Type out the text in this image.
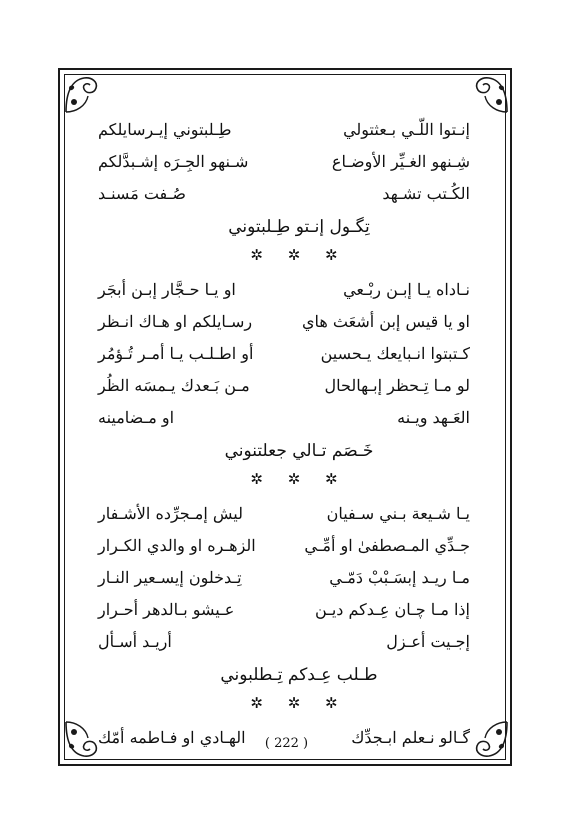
إنـتوا اللّـي بـعثتولي
طِـلبتوني إيـرسايلكم
شِـنهو الغـيِّر الأوضـاع
شـنهو الجِـرَه إشـبدَّلكم
الكُـتب تشـهد
صُـفت مَسنـد
تِگـول إنـتو طِـلبتوني
✲ ✲ ✲
نـاداه يـا إبـن ربْـعي
او يـا حـجَّار إبـن أبجَر
او يا قيس إبن أشعَث هاي
رسـايلكم او هـاك انـظر
كـتبتوا انـبايعك يـحسين
أو اطـلـب يـا أمـر تُـؤمُر
لو مـا تِـحظر إبـهالحال
مـن بَـعدك يـمسَه الظُر
العَـهد ويـنه
او مـضامينه
خَـصَم تـالي جعلتنوني
✲ ✲ ✲
يـا شـيعة بـني سـفيان
ليش إمـجرِّده الأشـفار
جـدِّي المـصطفىٰ او أمِّـي
الزهـره او والدي الكـرار
مـا ريـد إبسَـبْبْ دَمّـي
تِـدخلون إيسـعير النـار
إذا مـا چـان عِـدكم ديـن
عـيشو بـالدهر أحـرار
إجـيت أعـزل
أريـد أسـأل
طـلب عِـدكم تِـطلبوني
✲ ✲ ✲
گـالو نـعلم ابـجدِّك
الهـادي او فـاطمه أمّك	( 222 )
